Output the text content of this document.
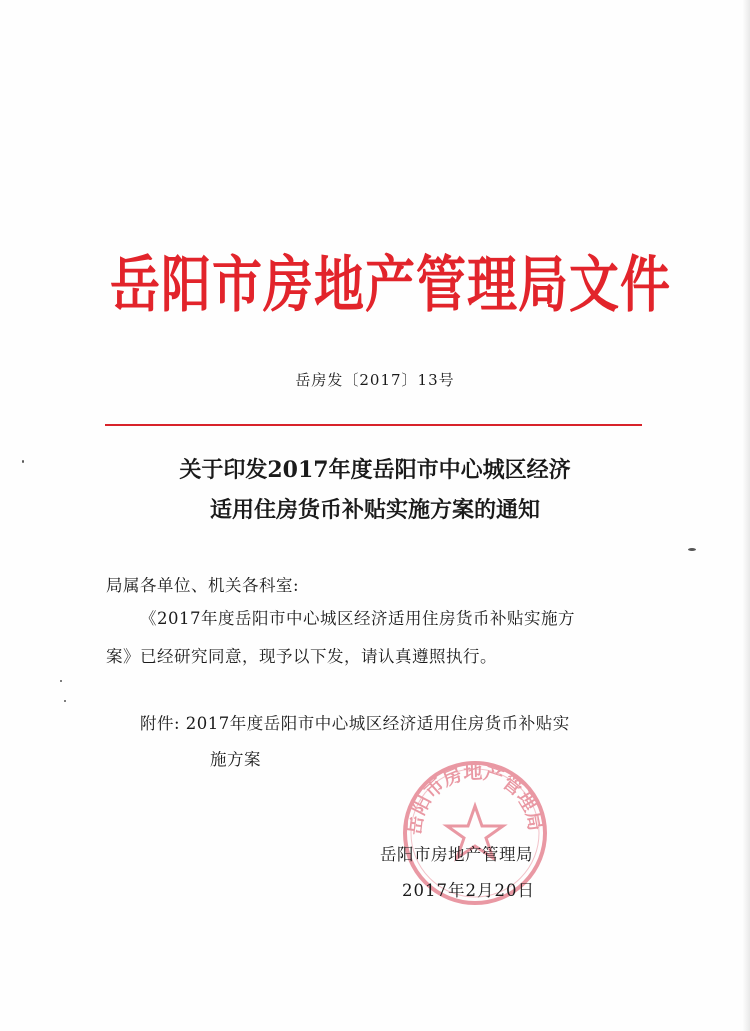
岳阳市房地产管理局文件
岳房发〔2017〕13号
关于印发2017年度岳阳市中心城区经济
适用住房货币补贴实施方案的通知
局属各单位、机关各科室:
《2017年度岳阳市中心城区经济适用住房货币补贴实施方
案》已经研究同意，现予以下发，请认真遵照执行。
附件: 2017年度岳阳市中心城区经济适用住房货币补贴实
施方案
岳阳市房地产管理局
岳阳市房地产管理局
2017年2月20日
